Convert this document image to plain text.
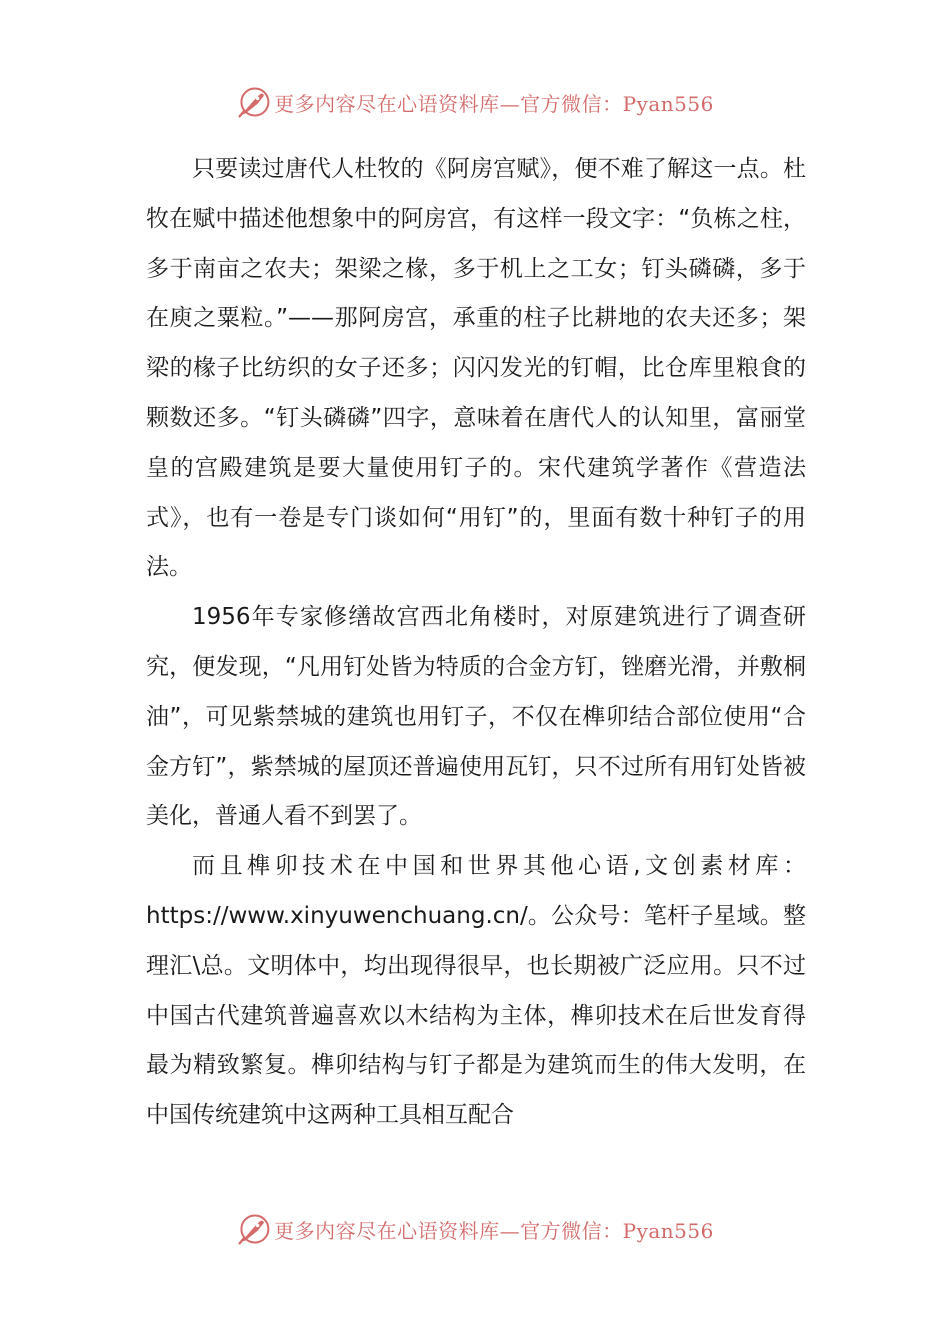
更多内容尽在心语资料库—官方微信：Pyan556

只要读过唐代人杜牧的《阿房宫赋》，便不难了解这一点。杜牧在赋中描述他想象中的阿房宫，有这样一段文字：“负栋之柱，多于南亩之农夫；架梁之椽，多于机上之工女；钉头磷磷，多于在庾之粟粒。”——那阿房宫，承重的柱子比耕地的农夫还多；架梁的椽子比纺织的女子还多；闪闪发光的钉帽，比仓库里粮食的颗数还多。“钉头磷磷”四字，意味着在唐代人的认知里，富丽堂皇的宫殿建筑是要大量使用钉子的。宋代建筑学著作《营造法式》，也有一卷是专门谈如何“用钉”的，里面有数十种钉子的用法。

1956年专家修缮故宫西北角楼时，对原建筑进行了调查研究，便发现，“凡用钉处皆为特质的合金方钉，锉磨光滑，并敷桐油”，可见紫禁城的建筑也用钉子，不仅在榫卯结合部位使用“合金方钉”，紫禁城的屋顶还普遍使用瓦钉，只不过所有用钉处皆被美化，普通人看不到罢了。

而且榫卯技术在中国和世界其他心语,文创素材库：https://www.xinyuwenchuang.cn/。公众号：笔杆子星域。整理汇\总。文明体中，均出现得很早，也长期被广泛应用。只不过中国古代建筑普遍喜欢以木结构为主体，榫卯技术在后世发育得最为精致繁复。榫卯结构与钉子都是为建筑而生的伟大发明，在中国传统建筑中这两种工具相互配合

更多内容尽在心语资料库—官方微信：Pyan556
